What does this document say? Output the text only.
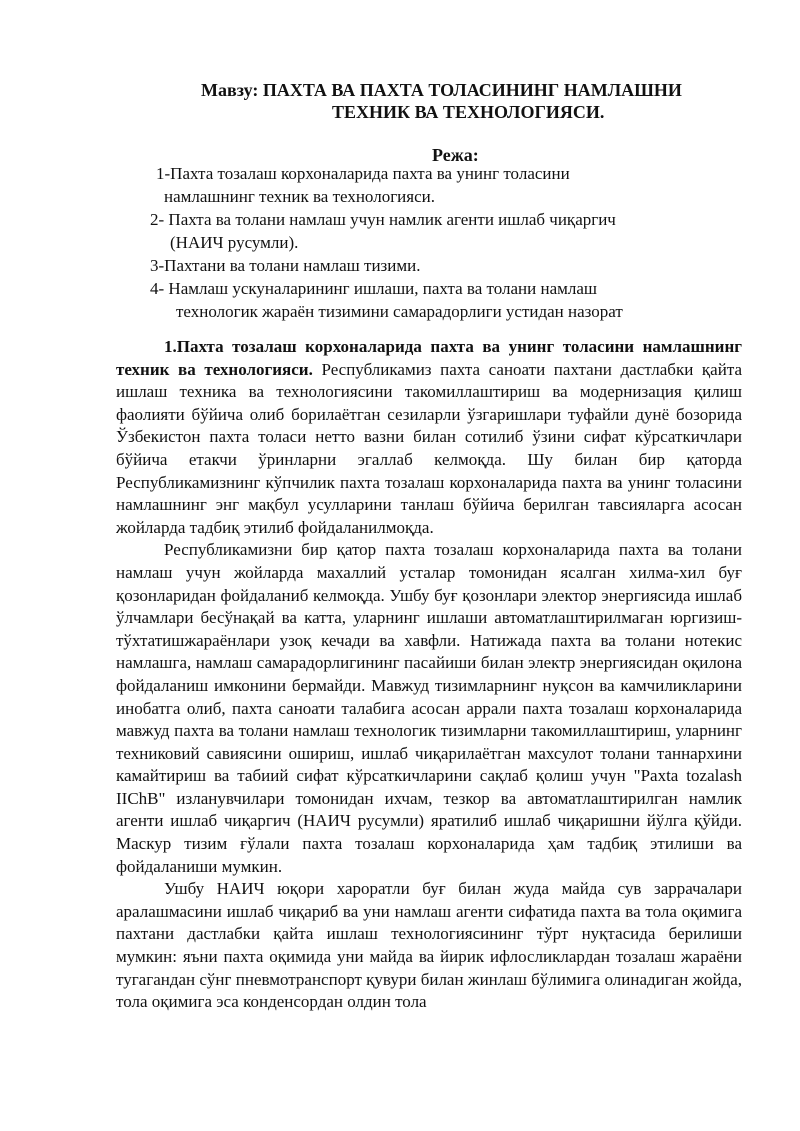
Мавзу: ПАХТА ВА ПАХТА ТОЛАСИНИНГ НАМЛАШНИ
ТЕХНИК ВА ТЕХНОЛОГИЯСИ.
Режа:
1-Пахта тозалаш корхоналарида пахта ва унинг толасини
намлашнинг техник ва технологияси.
2- Пахта ва толани намлаш учун намлик агенти ишлаб чиқаргич
(НАИЧ русумли).
3-Пахтани ва толани намлаш тизими.
4- Намлаш ускуналарининг ишлаши, пахта ва толани намлаш
технологик жараён тизимини самарадорлиги устидан назорат

1.Пахта тозалаш корхоналарида пахта ва унинг толасини намлашнинг техник ва технологияси. Республикамиз пахта саноати пахтани дастлабки қайта ишлаш техника ва технологиясини такомиллаштириш ва модернизация қилиш фаолияти бўйича олиб борилаётган сезиларли ўзгаришлари туфайли дунё бозорида Ўзбекистон пахта толаси нетто вазни билан сотилиб ўзини сифат кўрсаткичлари бўйича етакчи ўринларни эгаллаб келмоқда. Шу билан бир қаторда Республикамизнинг кўпчилик пахта тозалаш корхоналарида пахта ва унинг толасини намлашнинг энг мақбул усулларини танлаш бўйича берилган тавсияларга асосан жойларда тадбиқ этилиб фойдаланилмоқда.

Республикамизни бир қатор пахта тозалаш корхоналарида пахта ва толани намлаш учун жойларда махаллий усталар томонидан ясалган хилма-хил буғ қозонларидан фойдаланиб келмоқда. Ушбу буғ қозонлари электор энергиясида ишлаб ўлчамлари бесўнақай ва катта, уларнинг ишлаши автоматлаштирилмаган юргизиш-тўхтатишжараёнлари узоқ кечади ва хавфли. Натижада пахта ва толани нотекис намлашга, намлаш самарадорлигининг пасайиши билан электр энергиясидан оқилона фойдаланиш имконини бермайди. Мавжуд тизимларнинг нуқсон ва камчиликларини инобатга олиб, пахта саноати талабига асосан аррали пахта тозалаш корхоналарида мавжуд пахта ва толани намлаш технологик тизимларни такомиллаштириш, уларнинг техниковий савиясини ошириш, ишлаб чиқарилаётган махсулот толани таннархини камайтириш ва табиий сифат кўрсаткичларини сақлаб қолиш учун "Paxta tozalash IIChB" изланувчилари томонидан ихчам, тезкор ва автоматлаштирилган намлик агенти ишлаб чиқаргич (НАИЧ русумли) яратилиб ишлаб чиқаришни йўлга қўйди. Маскур тизим ғўлали пахта тозалаш корхоналарида ҳам тадбиқ этилиши ва фойдаланиши мумкин.

Ушбу НАИЧ юқори хароратли буғ билан жуда майда сув заррачалари аралашмасини ишлаб чиқариб ва уни намлаш агенти сифатида пахта ва тола оқимига пахтани дастлабки қайта ишлаш технологиясининг тўрт нуқтасида берилиши мумкин: яъни пахта оқимида уни майда ва йирик ифлосликлардан тозалаш жараёни тугагандан сўнг пневмотранспорт қувури билан жинлаш бўлимига олинадиган жойда, тола оқимига эса конденсордан олдин тола
